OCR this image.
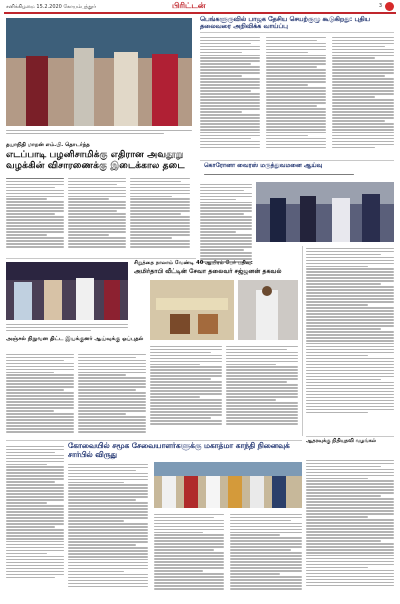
சனிக்கிழமை 15.2.2020 கோயம்புத்தூர்	பிரிட்டன்	3
பெங்களூருவில் பாஜக தேசிய செயற்குழு கூடுகிறது: புதிய தலைவரை அறிவிக்க வாய்ப்பு
தயாநிதி மாறன் எம்.பி. தொடர்ந்த
எடப்பாடி பழனிசாமிக்கு எதிரான அவதூறு வழக்கின் விசாரணைக்கு இடைக்கால தடை	கொரோனா வைரஸ் மருத்துவமனை ஆய்வு
சிறுத்தை நாலாம் வேண்டி 40 ஆயிரம் பேர் பதிவு:
அமிர்தாபி வீட்டின் சேவா தலைவர் சஜ்ஜனன் தகவல்
அஞ்சல் நிறுவன திட்ட இயக்குனர் ஆய்வுக்கு ஒப்புதல்
கோவையில் சமூக சேவையாளர்களுக்கு மகாத்மா காந்தி நினைவுக் சார்பில் விருது
ஆதரவுக்கு நிதியுதவி வழங்கல்
